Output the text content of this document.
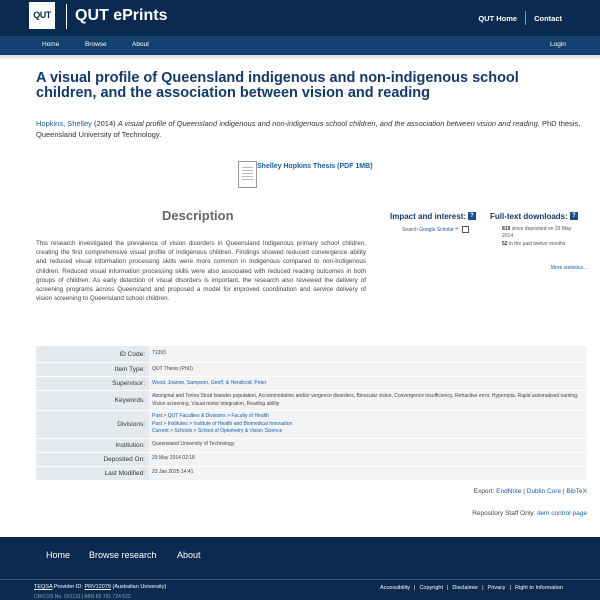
QUT QUT ePrints	QUT Home	Contact
Home	Browse	About	Login
A visual profile of Queensland indigenous and non-indigenous school children, and the association between vision and reading
Hopkins, Shelley (2014) A visual profile of Queensland indigenous and non-indigenous school children, and the association between vision and reading. PhD thesis, Queensland University of Technology.
Shelley Hopkins Thesis (PDF 1MB)
Description
This research investigated the prevalence of vision disorders in Queensland Indigenous primary school children, creating the first comprehensive visual profile of Indigenous children. Findings showed reduced convergence ability and reduced visual information processing skills were more common in Indigenous compared to non-Indigenous children. Reduced visual information processing skills were also associated with reduced reading outcomes in both groups of children. As early detection of visual disorders is important, the research also reviewed the delivery of screening programs across Queensland and proposed a model for improved coordination and service delivery of vision screening to Queensland school children.
Impact and interest: ?
Search Google Scholar™
Full-text downloads: ?
819 since deposited on 29 May 2014
52 in the past twelve months
More statistics...
ID Code:	71393
Item Type:	QUT Thesis (PhD)
Supervisor:	Wood, Joanne, Sampson, Geoff, & Hendicott, Peter
Keywords:	Aboriginal and Torres Strait Islander population, Accommodation and/or vergence disorders, Binocular vision, Convergence insufficiency, Refractive error, Hyperopia, Rapid automatised naming, Vision screening, Visual motor integration, Reading ability
Divisions:	Past > QUT Faculties & Divisions > Faculty of Health
Past > Institutes > Institute of Health and Biomedical Innovation
Current > Schools > School of Optometry & Vision Science
Institution:	Queensland University of Technology
Deposited On:	29 May 2014 02:18
Last Modified:	23 Jan 2025 14:41
Export: EndNote | Dublin Core | BibTeX
Repository Staff Only: item control page
Home Browse research About
TEQSA Provider ID: PRV12079 (Australian University)	Accessibility | Copyright | Disclaimer | Privacy | Right to Information
CRICOS No. 00213J | ABN 83 791 724 622
